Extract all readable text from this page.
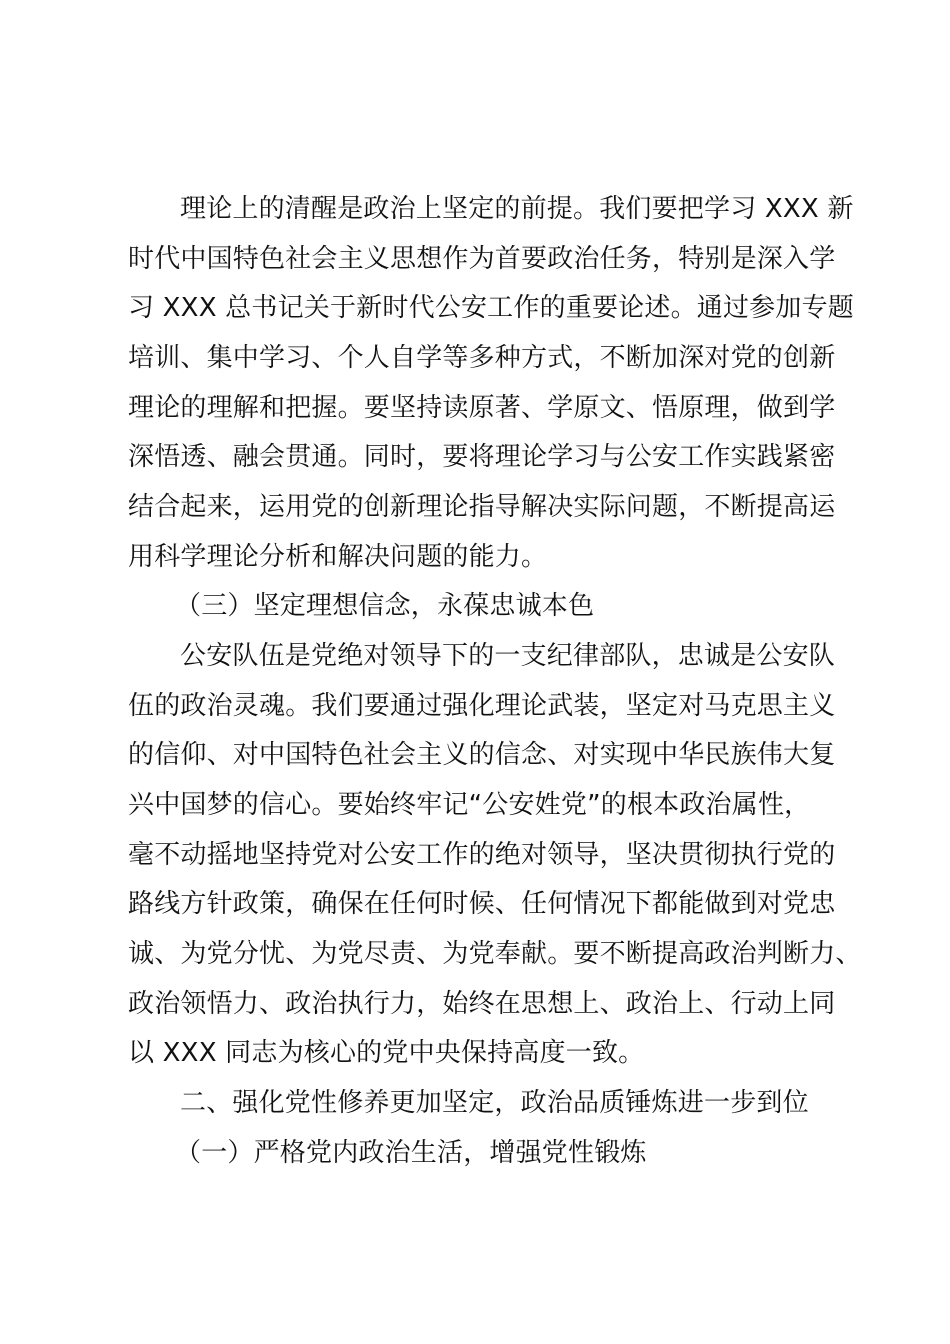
理论上的清醒是政治上坚定的前提。我们要把学习 XXX 新
时代中国特色社会主义思想作为首要政治任务，特别是深入学
习 XXX 总书记关于新时代公安工作的重要论述。通过参加专题
培训、集中学习、个人自学等多种方式，不断加深对党的创新
理论的理解和把握。要坚持读原著、学原文、悟原理，做到学
深悟透、融会贯通。同时，要将理论学习与公安工作实践紧密
结合起来，运用党的创新理论指导解决实际问题，不断提高运
用科学理论分析和解决问题的能力。
（三）坚定理想信念，永葆忠诚本色
公安队伍是党绝对领导下的一支纪律部队，忠诚是公安队
伍的政治灵魂。我们要通过强化理论武装，坚定对马克思主义
的信仰、对中国特色社会主义的信念、对实现中华民族伟大复
兴中国梦的信心。要始终牢记“公安姓党”的根本政治属性，
毫不动摇地坚持党对公安工作的绝对领导，坚决贯彻执行党的
路线方针政策，确保在任何时候、任何情况下都能做到对党忠
诚、为党分忧、为党尽责、为党奉献。要不断提高政治判断力、
政治领悟力、政治执行力，始终在思想上、政治上、行动上同
以 XXX 同志为核心的党中央保持高度一致。
二、强化党性修养更加坚定，政治品质锤炼进一步到位
（一）严格党内政治生活，增强党性锻炼
